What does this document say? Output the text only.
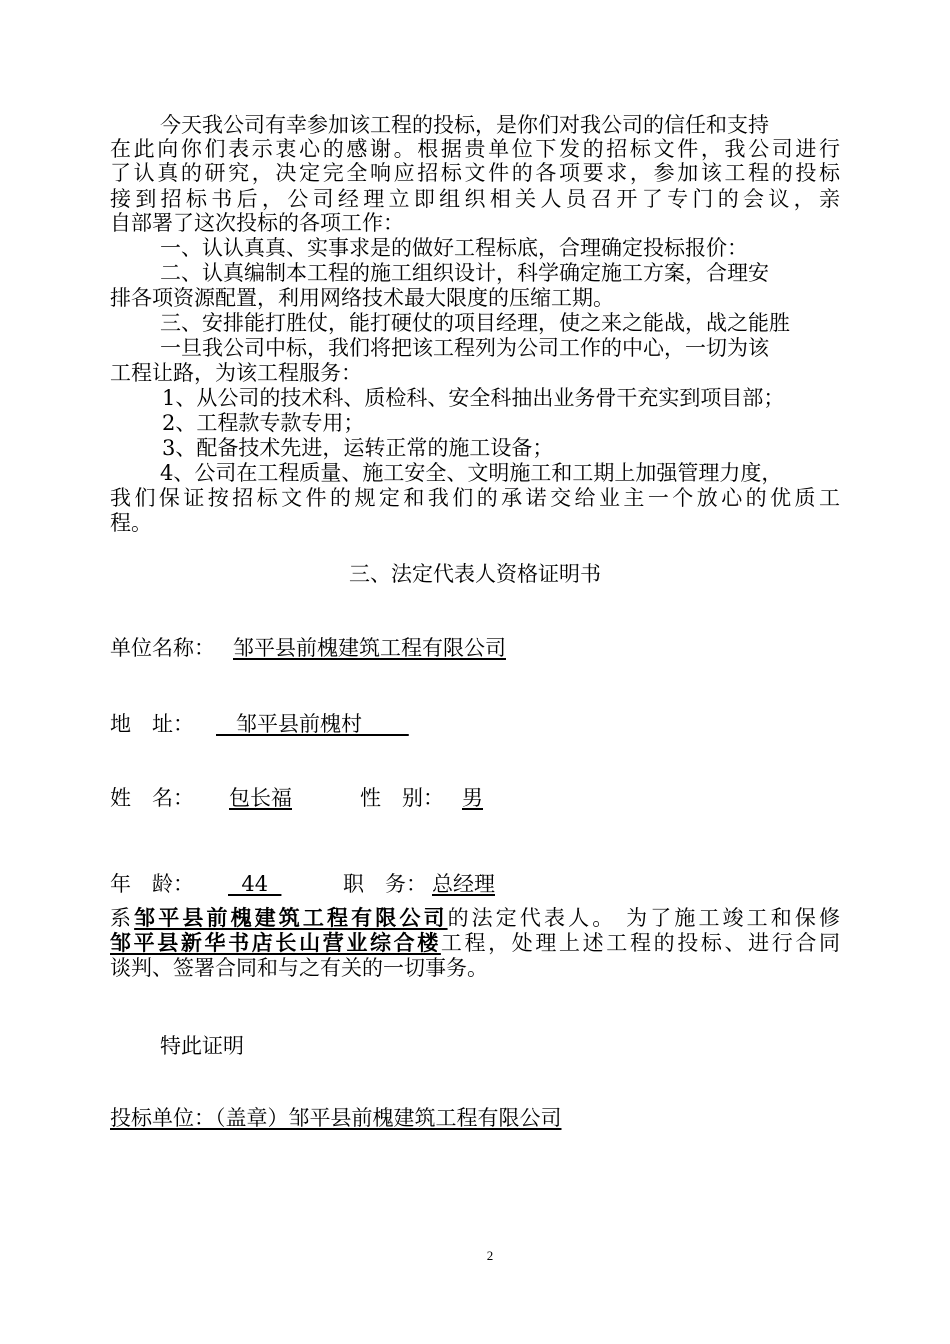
今天我公司有幸参加该工程的投标，是你们对我公司的信任和支持
在此向你们表示衷心的感谢。根据贵单位下发的招标文件，我公司进行
了认真的研究，决定完全响应招标文件的各项要求，参加该工程的投标
接到招标书后，公司经理立即组织相关人员召开了专门的会议，亲
自部署了这次投标的各项工作：
一、认认真真、实事求是的做好工程标底，合理确定投标报价：
二、认真编制本工程的施工组织设计，科学确定施工方案，合理安
排各项资源配置，利用网络技术最大限度的压缩工期。
三、安排能打胜仗，能打硬仗的项目经理，使之来之能战，战之能胜
一旦我公司中标，我们将把该工程列为公司工作的中心，一切为该
工程让路，为该工程服务：
1、从公司的技术科、质检科、安全科抽出业务骨干充实到项目部；
2、工程款专款专用；
3、配备技术先进，运转正常的施工设备；
4、公司在工程质量、施工安全、文明施工和工期上加强管理力度，
我们保证按招标文件的规定和我们的承诺交给业主一个放心的优质工
程。
三、法定代表人资格证明书
单位名称： 邹平县前槐建筑工程有限公司
地　址： 邹平县前槐村
姓　名： 包长福	性　别： 男
年　龄： 44	职　务： 总经理
系邹平县前槐建筑工程有限公司的法定代表人。 为了施工竣工和保修
邹平县新华书店长山营业综合楼工程，处理上述工程的投标、进行合同
谈判、签署合同和与之有关的一切事务。
特此证明
投标单位：（盖章）邹平县前槐建筑工程有限公司
2
